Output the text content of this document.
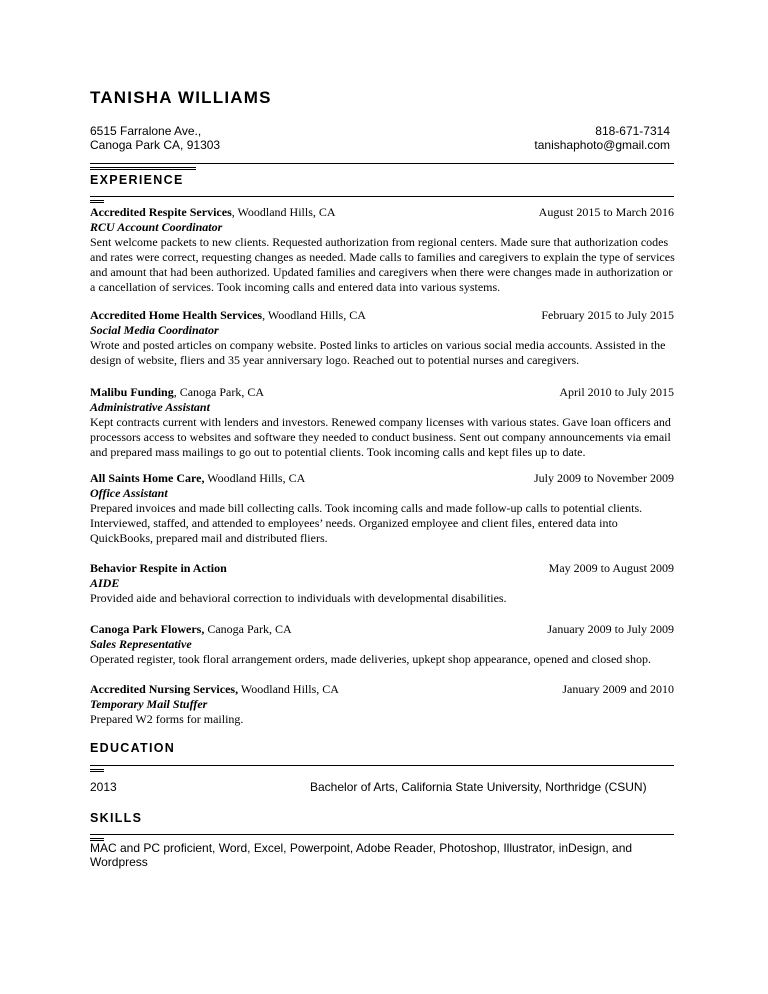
TANISHA WILLIAMS
6515 Farralone Ave.,	818-671-7314
Canoga Park CA, 91303	tanishaphoto@gmail.com
EXPERIENCE
Accredited Respite Services, Woodland Hills, CA	August 2015 to March 2016
RCU Account Coordinator
Sent welcome packets to new clients. Requested authorization from regional centers. Made sure that authorization codes and rates were correct, requesting changes as needed. Made calls to families and caregivers to explain the type of services and amount that had been authorized. Updated families and caregivers when there were changes made in authorization or a cancellation of services. Took incoming calls and entered data into various systems.
Accredited Home Health Services, Woodland Hills, CA	February 2015 to July 2015
Social Media Coordinator
Wrote and posted articles on company website. Posted links to articles on various social media accounts. Assisted in the design of website, fliers and 35 year anniversary logo. Reached out to potential nurses and caregivers.
Malibu Funding, Canoga Park, CA	April 2010 to July 2015
Administrative Assistant
Kept contracts current with lenders and investors. Renewed company licenses with various states. Gave loan officers and processors access to websites and software they needed to conduct business. Sent out company announcements via email and prepared mass mailings to go out to potential clients. Took incoming calls and kept files up to date.
All Saints Home Care, Woodland Hills, CA	July 2009 to November 2009
Office Assistant
Prepared invoices and made bill collecting calls. Took incoming calls and made follow-up calls to potential clients. Interviewed, staffed, and attended to employees’ needs. Organized employee and client files, entered data into QuickBooks, prepared mail and distributed fliers.
Behavior Respite in Action	May 2009 to August 2009
AIDE
Provided aide and behavioral correction to individuals with developmental disabilities.
Canoga Park Flowers, Canoga Park, CA	January 2009 to July 2009
Sales Representative
Operated register, took floral arrangement orders, made deliveries, upkept shop appearance, opened and closed shop.
Accredited Nursing Services, Woodland Hills, CA	January 2009 and 2010
Temporary Mail Stuffer
Prepared W2 forms for mailing.
EDUCATION
2013	Bachelor of Arts, California State University, Northridge (CSUN)
SKILLS
MAC and PC proficient, Word, Excel, Powerpoint, Adobe Reader, Photoshop, Illustrator, inDesign, and Wordpress
